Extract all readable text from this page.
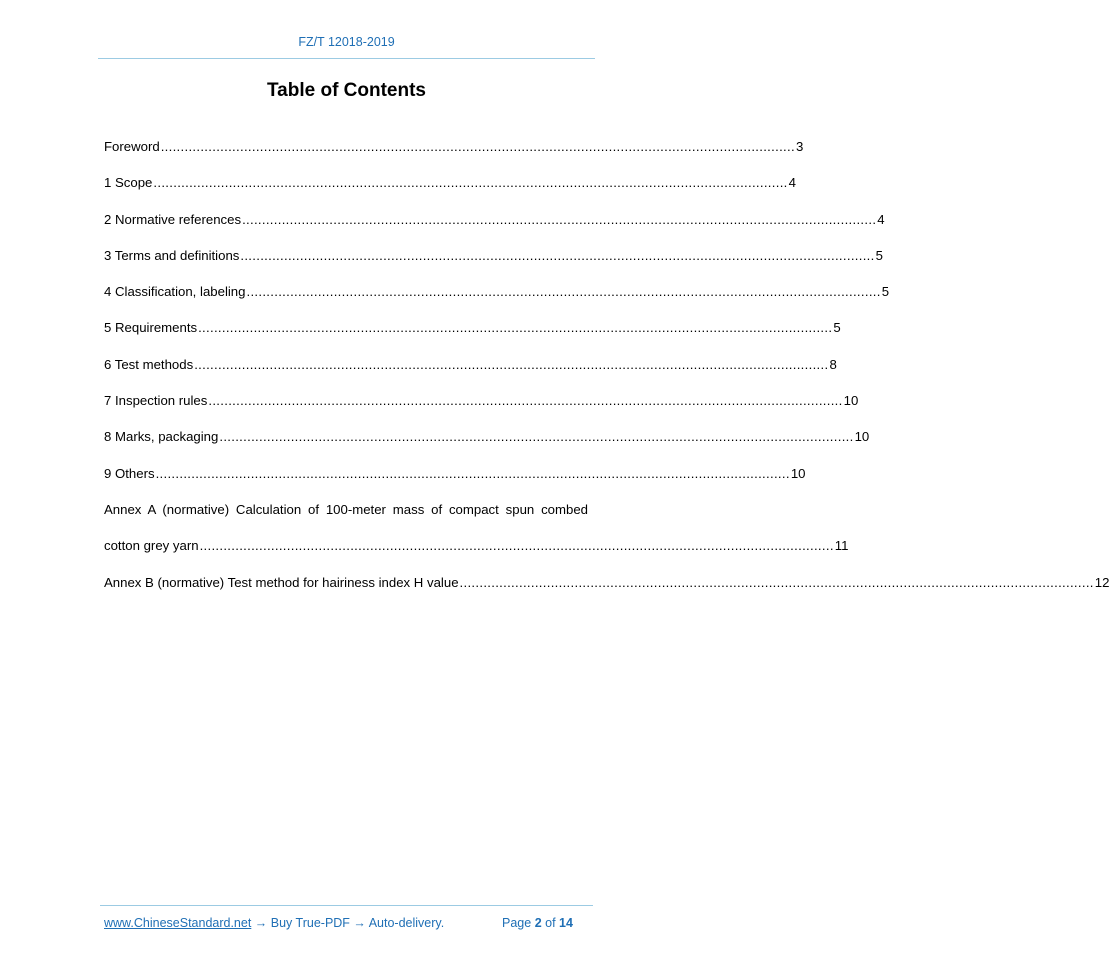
FZ/T 12018-2019
Table of Contents
Foreword ................................................................................................................................................................ 3
1 Scope ................................................................................................................................................................ 4
2 Normative references ................................................................................................................................................................ 4
3 Terms and definitions ................................................................................................................................................................ 5
4 Classification, labeling ................................................................................................................................................................ 5
5 Requirements ................................................................................................................................................................ 5
6 Test methods ................................................................................................................................................................ 8
7 Inspection rules ................................................................................................................................................................ 10
8 Marks, packaging ................................................................................................................................................................ 10
9 Others ................................................................................................................................................................ 10
Annex A (normative) Calculation of 100-meter mass of compact spun combed
cotton grey yarn ................................................................................................................................................................ 11
Annex B (normative) Test method for hairiness index H value ................................................................................................................................................................ 12
www.ChineseStandard.net → Buy True-PDF → Auto-delivery.	Page 2 of 14
